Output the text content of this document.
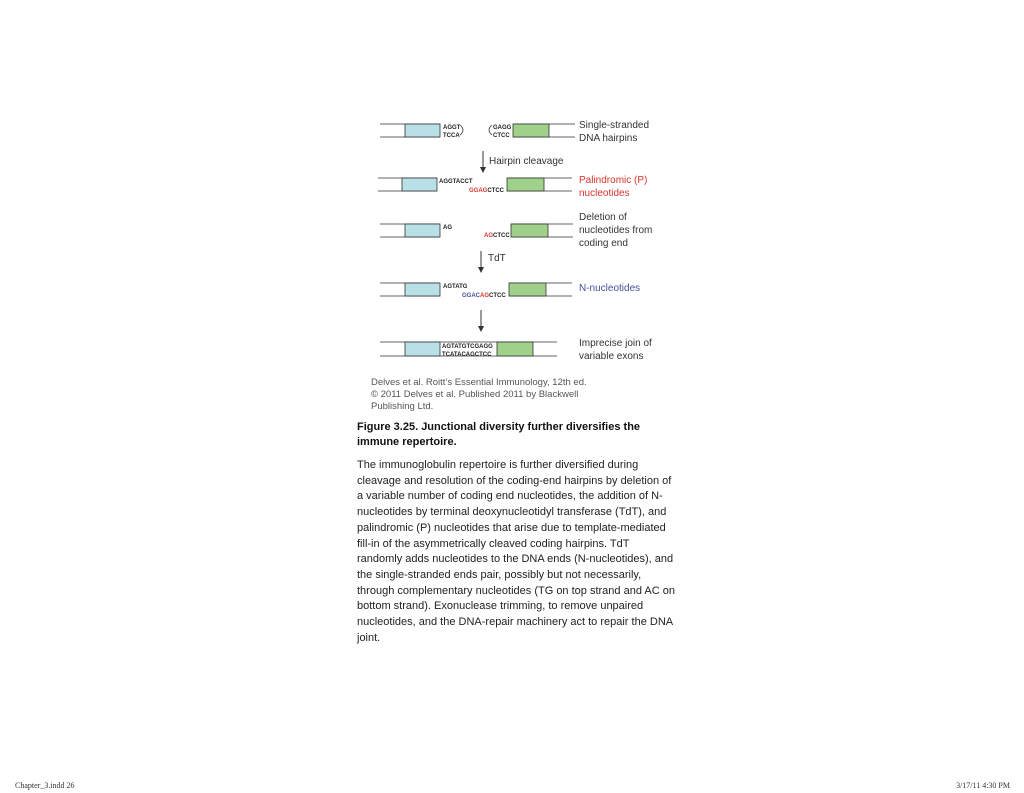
AGGT
TCCA
GAGG
CTCC
Single-stranded
DNA hairpins
Hairpin cleavage
AGGTACCT
GGAGCTCC
Palindromic (P)
nucleotides
AG
AGCTCC
Deletion of
nucleotides from
coding end
TdT
AGTATG
GGACAGCTCC
N-nucleotides
AGTATGTCGAGG
TCATACAGCTCC
Imprecise join of
variable exons
Delves et al. Roitt’s Essential Immunology, 12th ed.
© 2011 Delves et al. Published 2011 by Blackwell
Publishing Ltd.
Figure 3.25. Junctional diversity further diversifies the immune repertoire.
The immunoglobulin repertoire is further diversified during cleavage and resolution of the coding-end hairpins by deletion of a variable number of coding end nucleotides, the addition of N-nucleotides by terminal deoxynucleotidyl transferase (TdT), and palindromic (P) nucleotides that arise due to template-mediated fill-in of the asymmetrically cleaved coding hairpins. TdT randomly adds nucleotides to the DNA ends (N-nucleotides), and the single-stranded ends pair, possibly but not necessarily, through complementary nucleotides (TG on top strand and AC on bottom strand). Exonuclease trimming, to remove unpaired nucleotides, and the DNA-repair machinery act to repair the DNA joint.
Chapter_3.indd 26	3/17/11 4:30 PM
